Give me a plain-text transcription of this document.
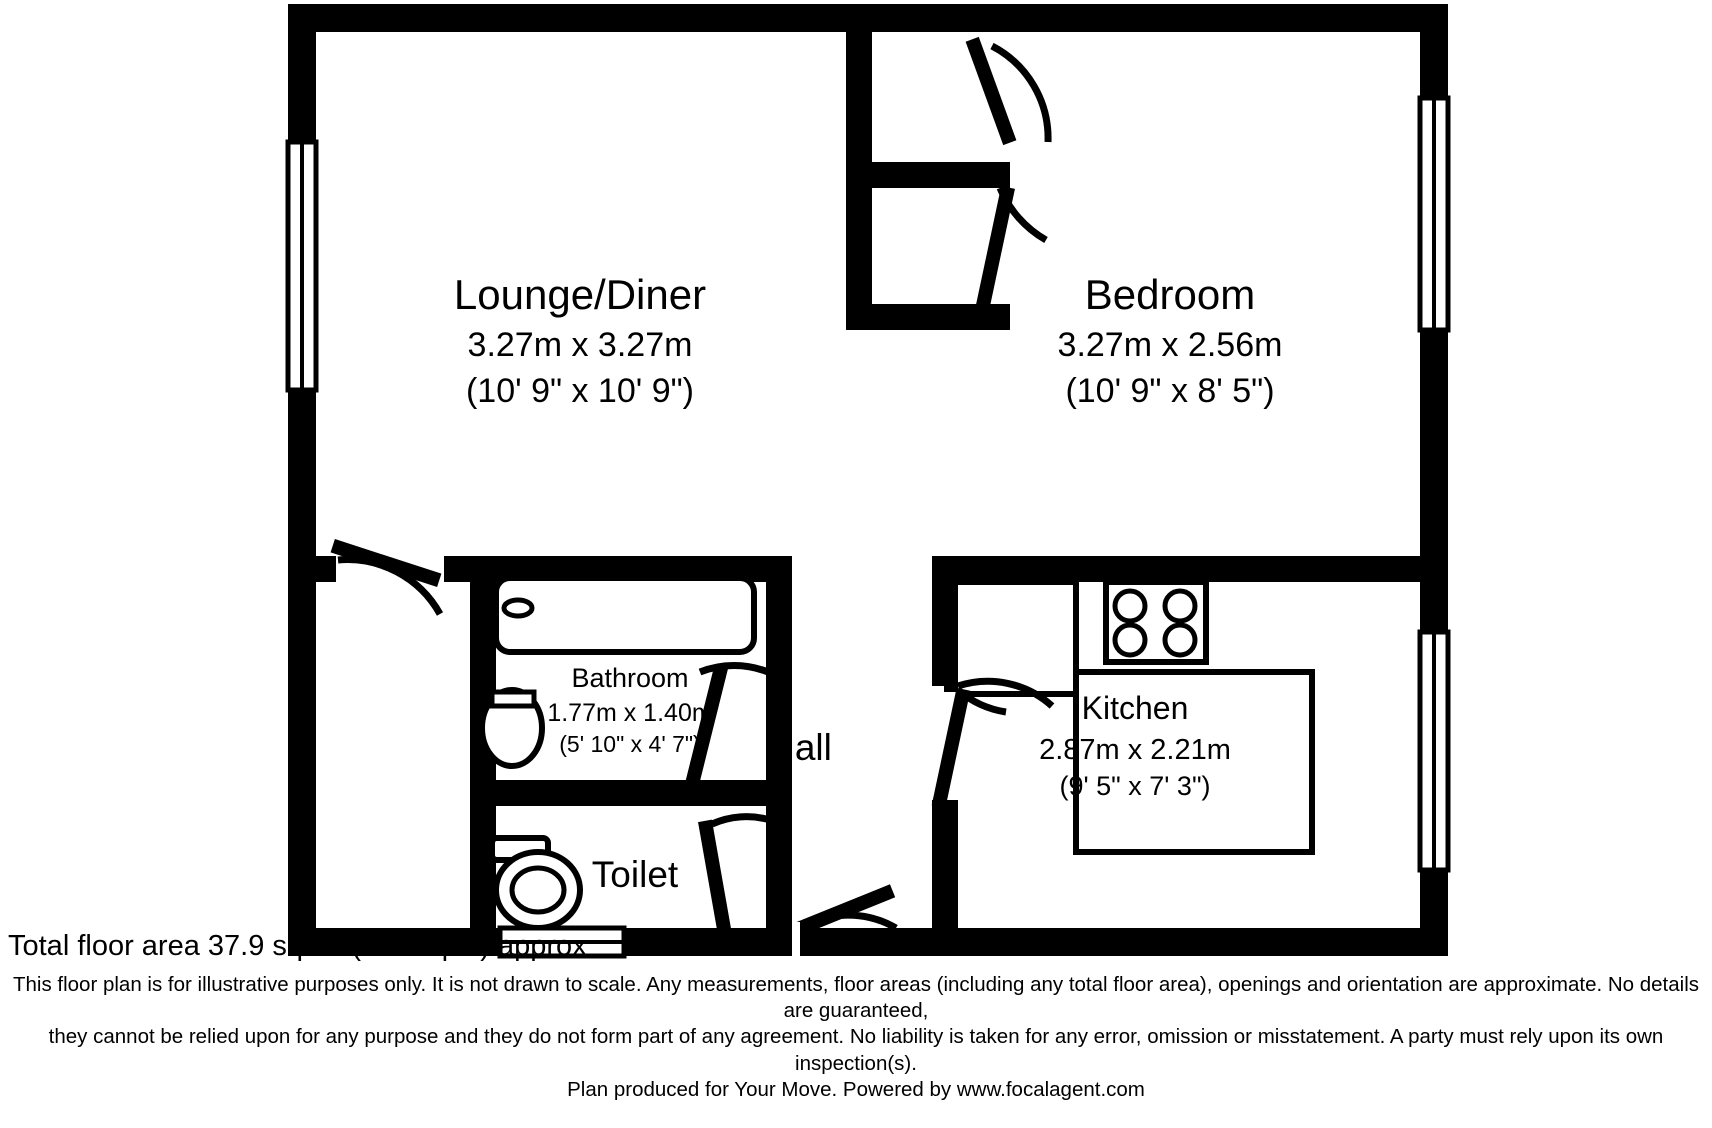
Lounge/Diner
3.27m x 3.27m
(10' 9" x 10' 9")
Bedroom
3.27m x 2.56m
(10' 9" x 8' 5")
Bathroom
1.77m x 1.40m
(5' 10" x 4' 7")
Kitchen
2.87m x 2.21m
(9' 5" x 7' 3")
Hall
Toilet
Total floor area 37.9 sq.m. (408 sq.ft.) approx
This floor plan is for illustrative purposes only. It is not drawn to scale. Any measurements, floor areas (including any total floor area), openings and orientation are approximate. No details are guaranteed,
they cannot be relied upon for any purpose and they do not form part of any agreement. No liability is taken for any error, omission or misstatement. A party must rely upon its own inspection(s).
Plan produced for Your Move. Powered by www.focalagent.com
